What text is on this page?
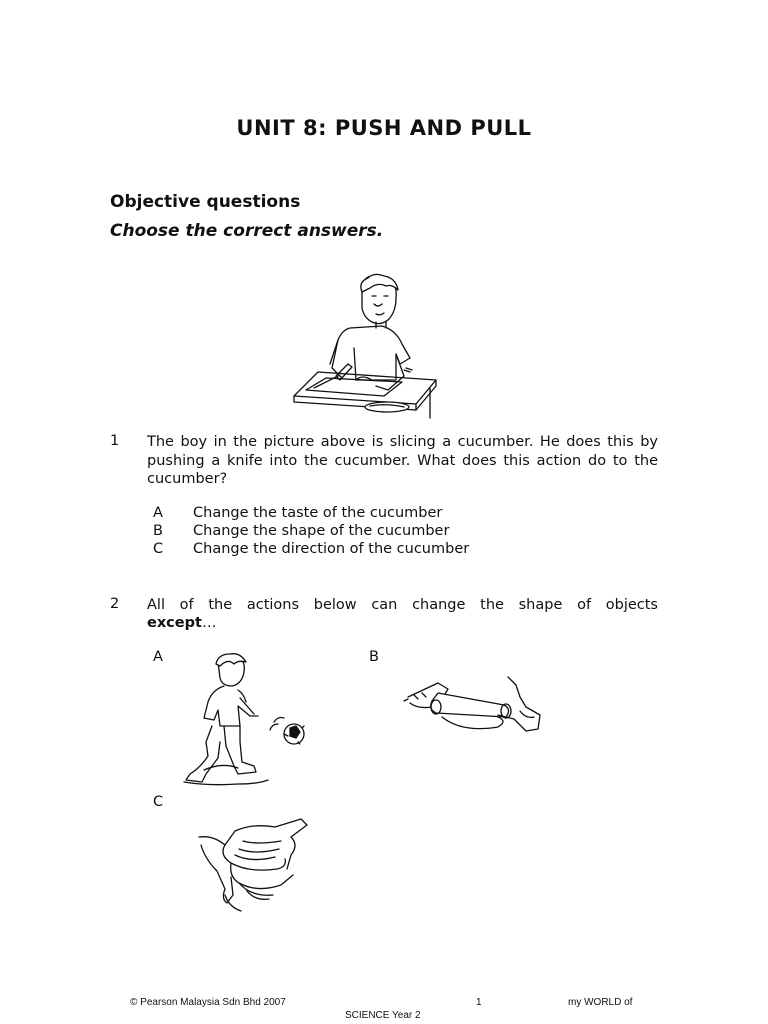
UNIT 8: PUSH AND PULL
Objective questions
Choose the correct answers.
1 The boy in the picture above is slicing a cucumber. He does this by pushing a knife into the cucumber. What does this action do to the cucumber?
A Change the taste of the cucumber
B Change the shape of the cucumber
C Change the direction of the cucumber
2 All of the actions below can change the shape of objects
except…
A	B
C
© Pearson Malaysia Sdn Bhd 2007	1	my WORLD of
SCIENCE Year 2
